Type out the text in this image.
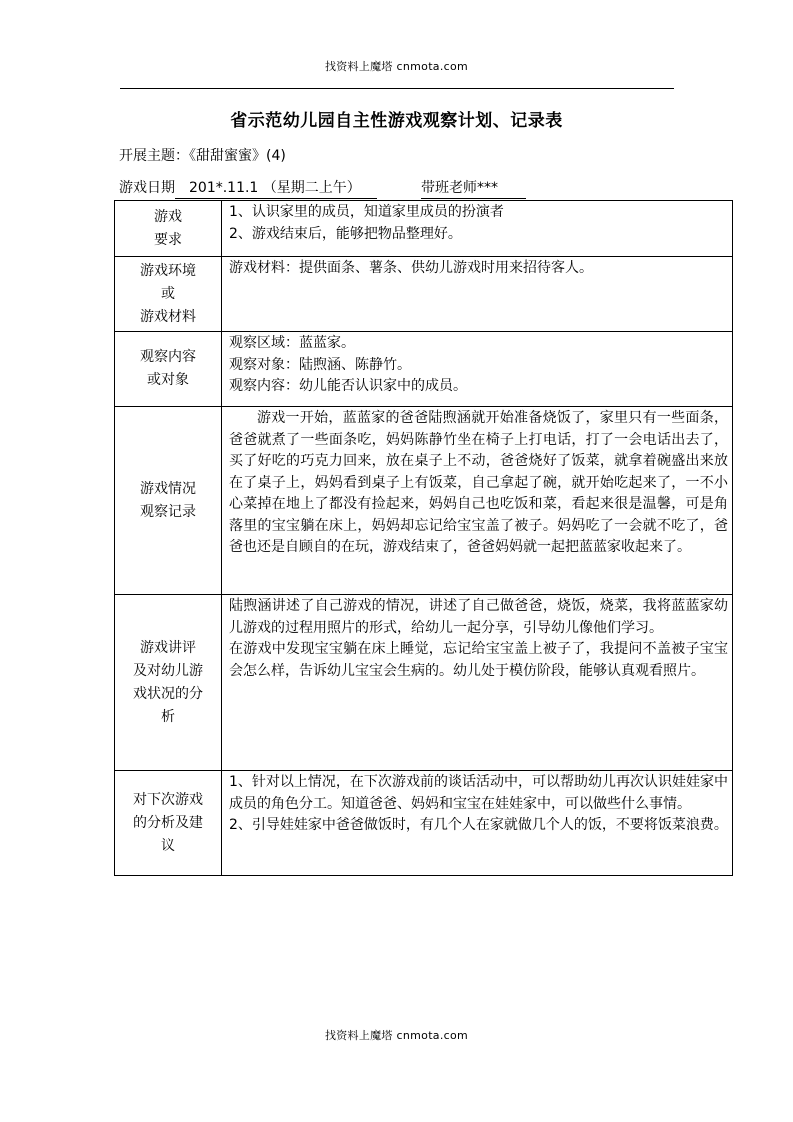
找资料上魔塔 cnmota.com
省示范幼儿园自主性游戏观察计划、记录表
开展主题：《甜甜蜜蜜》(4)
游戏日期 201*.11.1 （星期二上午）	带班老师***
游戏
要求	1、认识家里的成员，知道家里成员的扮演者
2、游戏结束后，能够把物品整理好。

游戏环境
或
游戏材料	游戏材料：提供面条、薯条、供幼儿游戏时用来招待客人。

观察内容
或对象	观察区域：蓝蓝家。
观察对象：陆煦涵、陈静竹。
观察内容：幼儿能否认识家中的成员。

游戏情况
观察记录	游戏一开始，蓝蓝家的爸爸陆煦涵就开始准备烧饭了，家里只有一些面条，爸爸就煮了一些面条吃，妈妈陈静竹坐在椅子上打电话，打了一会电话出去了，买了好吃的巧克力回来，放在桌子上不动，爸爸烧好了饭菜，就拿着碗盛出来放在了桌子上，妈妈看到桌子上有饭菜，自己拿起了碗，就开始吃起来了，一不小心菜掉在地上了都没有捡起来，妈妈自己也吃饭和菜，看起来很是温馨，可是角落里的宝宝躺在床上，妈妈却忘记给宝宝盖了被子。妈妈吃了一会就不吃了，爸爸也还是自顾自的在玩，游戏结束了，爸爸妈妈就一起把蓝蓝家收起来了。

游戏讲评
及对幼儿游
戏状况的分
析	陆煦涵讲述了自己游戏的情况，讲述了自己做爸爸，烧饭，烧菜，我将蓝蓝家幼儿游戏的过程用照片的形式，给幼儿一起分享，引导幼儿像他们学习。
在游戏中发现宝宝躺在床上睡觉，忘记给宝宝盖上被子了，我提问不盖被子宝宝会怎么样，告诉幼儿宝宝会生病的。幼儿处于模仿阶段，能够认真观看照片。

对下次游戏
的分析及建
议	1、针对以上情况，在下次游戏前的谈话活动中，可以帮助幼儿再次认识娃娃家中成员的角色分工。知道爸爸、妈妈和宝宝在娃娃家中，可以做些什么事情。
2、引导娃娃家中爸爸做饭时，有几个人在家就做几个人的饭，不要将饭菜浪费。
找资料上魔塔 cnmota.com
